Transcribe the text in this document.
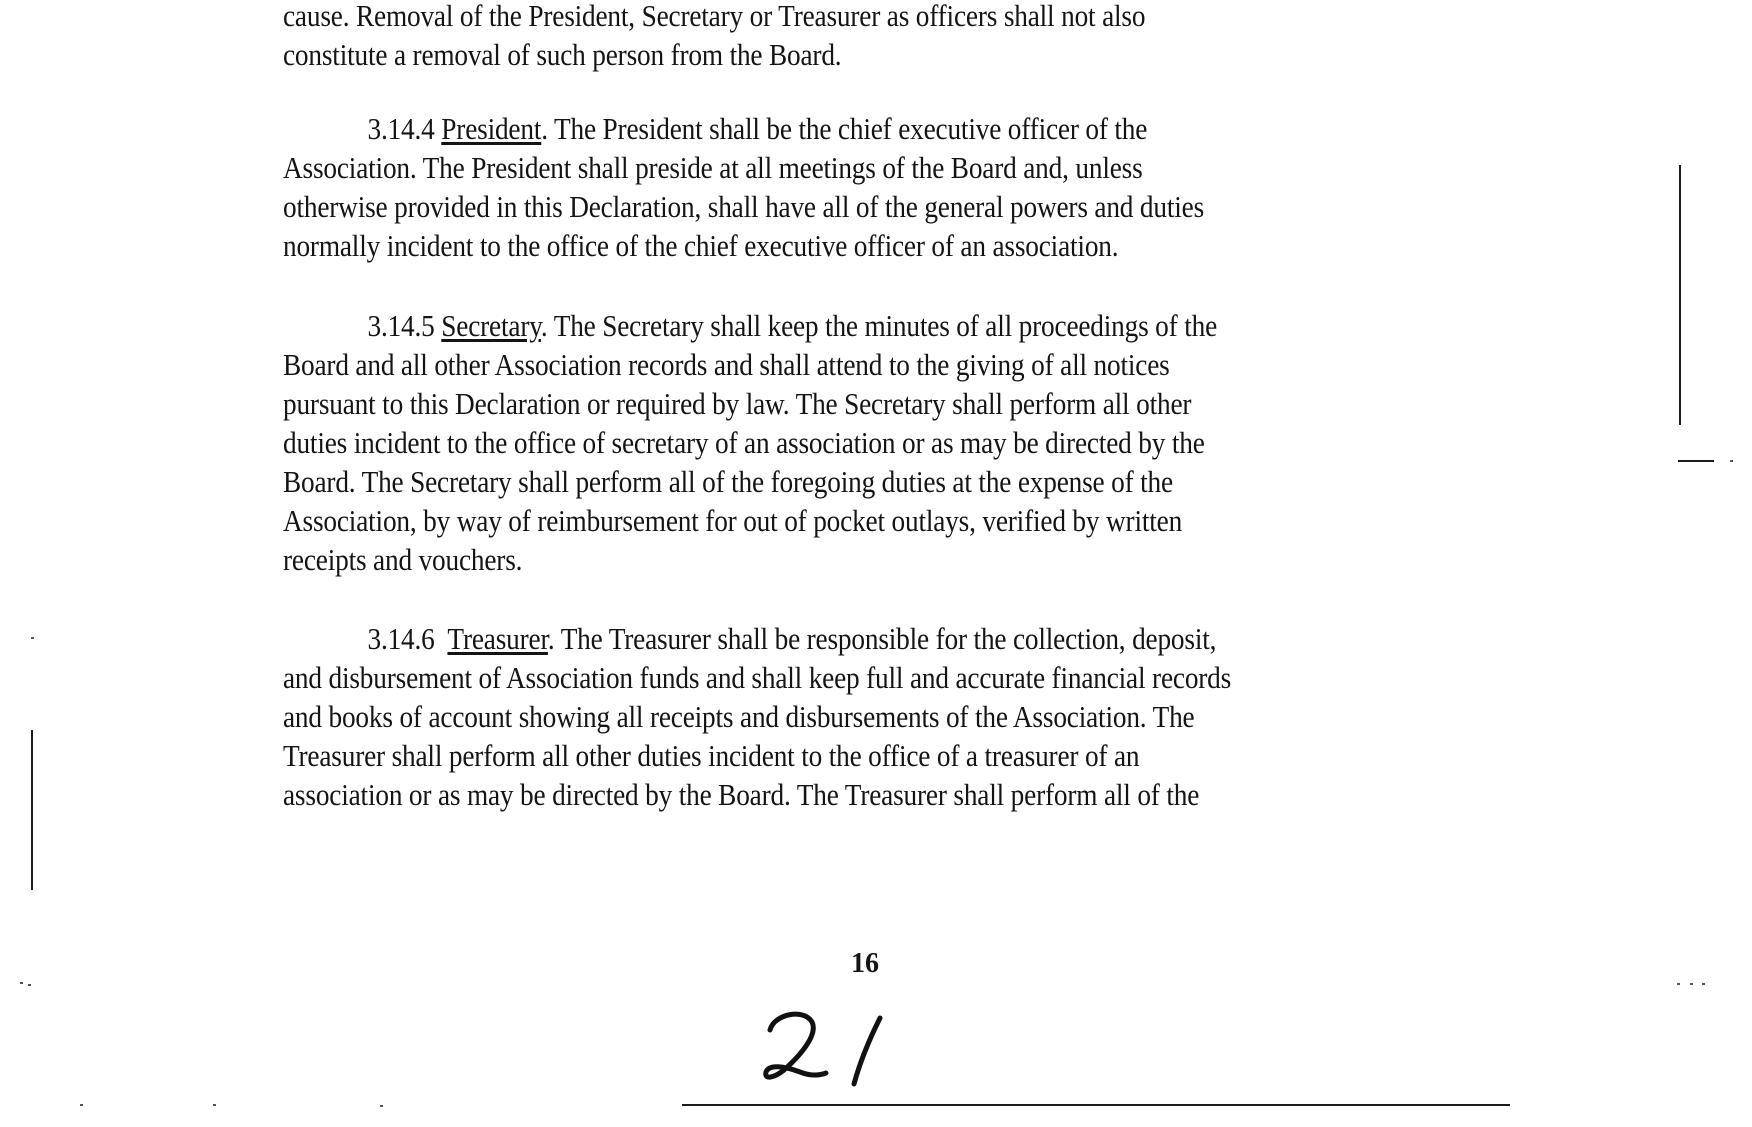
cause. Removal of the President, Secretary or Treasurer as officers shall not also

constitute a removal of such person from the Board.

3.14.4 President. The President shall be the chief executive officer of the

Association. The President shall preside at all meetings of the Board and, unless

otherwise provided in this Declaration, shall have all of the general powers and duties

normally incident to the office of the chief executive officer of an association.

3.14.5 Secretary. The Secretary shall keep the minutes of all proceedings of the

Board and all other Association records and shall attend to the giving of all notices

pursuant to this Declaration or required by law. The Secretary shall perform all other

duties incident to the office of secretary of an association or as may be directed by the

Board. The Secretary shall perform all of the foregoing duties at the expense of the

Association, by way of reimbursement for out of pocket outlays, verified by written

receipts and vouchers.

3.14.6 Treasurer. The Treasurer shall be responsible for the collection, deposit,

and disbursement of Association funds and shall keep full and accurate financial records

and books of account showing all receipts and disbursements of the Association. The

Treasurer shall perform all other duties incident to the office of a treasurer of an

association or as may be directed by the Board. The Treasurer shall perform all of the

16
